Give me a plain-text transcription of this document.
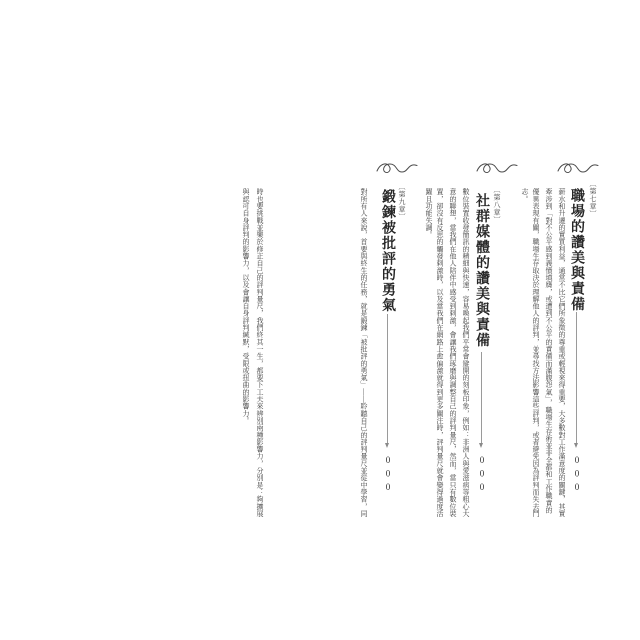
〔第七章〕
職場的讚美與責備
000
薪水和升遷的實質利益，通常不比它們所象徵的尊重或輕視來得重要，大多數對工作滿意度的關鍵，其實
牽涉到「對不公平感到義憤填膺，或遭到不公平的責備而滿腹怨氣」，職場生存術並非全都和工作職責的
優異表現有關，職場生存取決於理解他人的評判，並尋找方法影響這些評判，或者避免因為評判而失去鬥
志。
〔第八章〕
社群媒體的讚美與責備
000
數位裝置收發簡訊的精細與快速，容易喚起我們平常會避開的刻板印象，例如：非洲人與愛滋病等粗心大
意的聯想，當我們在他人陪伴中感受到刺激，會讓我們琢磨與調整自己的評判量尺，然而，當只有數位裝
置，卻沒有反思的觸發刺激時，以及當我們在網路上愈偏激就得到更多關注時，評判量尺就會變得過度活
躍且功能失調。
〔第九章〕
鍛鍊被批評的勇氣
000
對所有人來說，首要與終生的任務，就是鍛鍊「被批評的勇氣」——聆聽自己的評判量尺並從中學習，同
時也要挑戰並樂於修正自己的評判量尺，我們終其一生，都要下工夫來辨別兩種影響力，分別是：夠擴展
與認可自身評判的影響力，以及會讓自身評判緘默，受限或扭曲的影響力。
